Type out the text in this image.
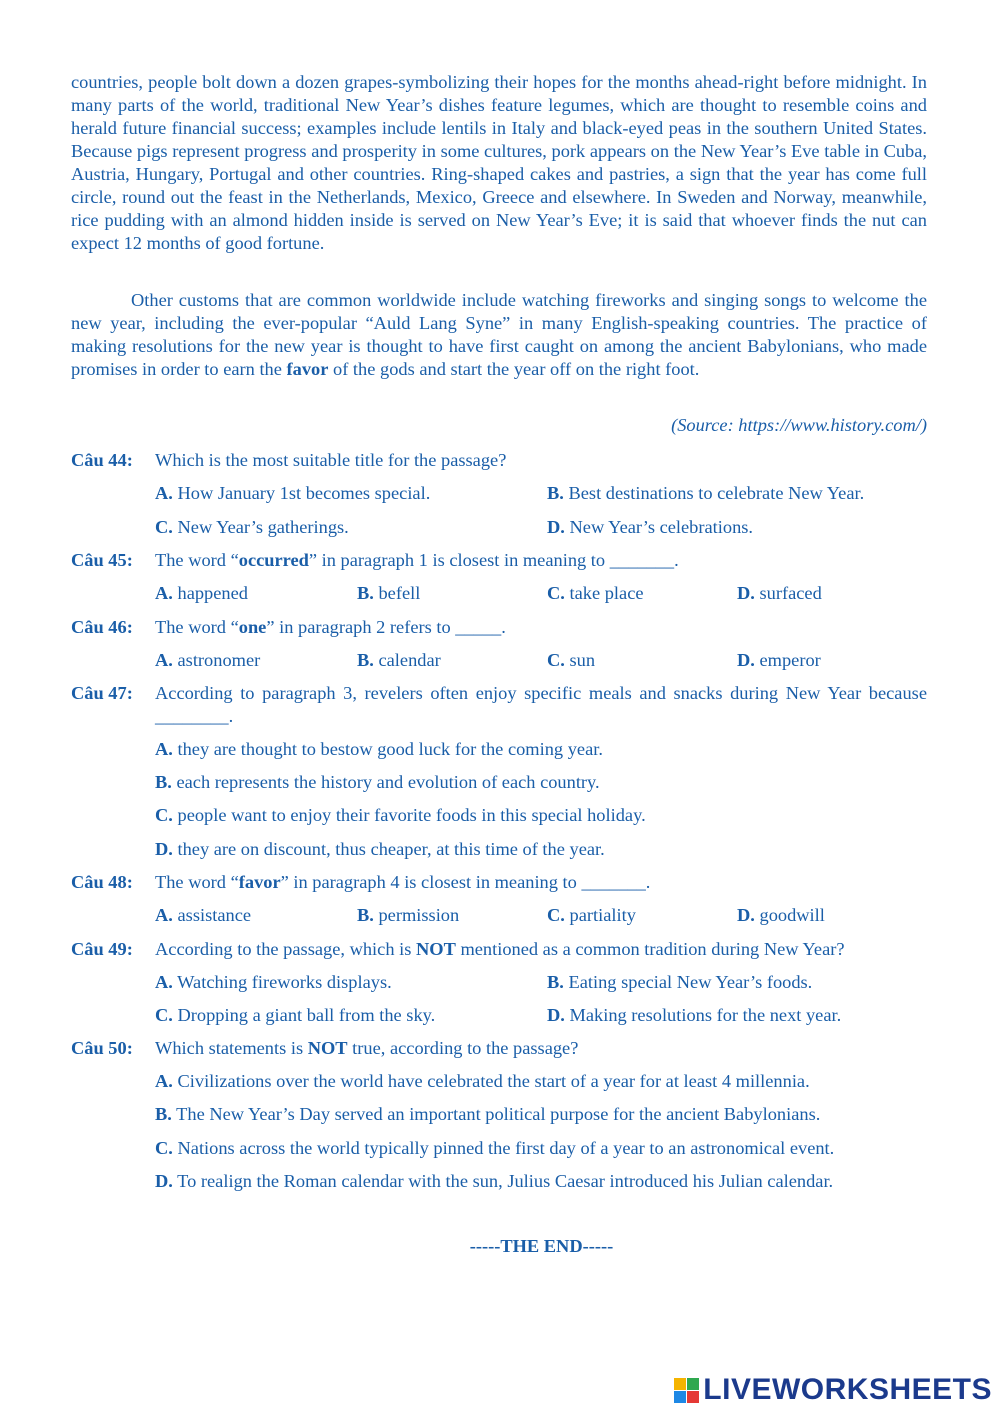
countries, people bolt down a dozen grapes-symbolizing their hopes for the months ahead-right before midnight. In many parts of the world, traditional New Year’s dishes feature legumes, which are thought to resemble coins and herald future financial success; examples include lentils in Italy and black-eyed peas in the southern United States. Because pigs represent progress and prosperity in some cultures, pork appears on the New Year’s Eve table in Cuba, Austria, Hungary, Portugal and other countries. Ring-shaped cakes and pastries, a sign that the year has come full circle, round out the feast in the Netherlands, Mexico, Greece and elsewhere. In Sweden and Norway, meanwhile, rice pudding with an almond hidden inside is served on New Year’s Eve; it is said that whoever finds the nut can expect 12 months of good fortune.

Other customs that are common worldwide include watching fireworks and singing songs to welcome the new year, including the ever-popular “Auld Lang Syne” in many English-speaking countries. The practice of making resolutions for the new year is thought to have first caught on among the ancient Babylonians, who made promises in order to earn the favor of the gods and start the year off on the right foot.

(Source: https://www.history.com/)
Câu 44: Which is the most suitable title for the passage?
A. How January 1st becomes special.	B. Best destinations to celebrate New Year.
C. New Year’s gatherings.	D. New Year’s celebrations.
Câu 45: The word “occurred” in paragraph 1 is closest in meaning to _______.
A. happened	B. befell	C. take place	D. surfaced
Câu 46: The word “one” in paragraph 2 refers to _____.
A. astronomer	B. calendar	C. sun	D. emperor
Câu 47: According to paragraph 3, revelers often enjoy specific meals and snacks during New Year because ________.
A. they are thought to bestow good luck for the coming year.
B. each represents the history and evolution of each country.
C. people want to enjoy their favorite foods in this special holiday.
D. they are on discount, thus cheaper, at this time of the year.
Câu 48: The word “favor” in paragraph 4 is closest in meaning to _______.
A. assistance	B. permission	C. partiality	D. goodwill
Câu 49: According to the passage, which is NOT mentioned as a common tradition during New Year?
A. Watching fireworks displays.	B. Eating special New Year’s foods.
C. Dropping a giant ball from the sky.	D. Making resolutions for the next year.
Câu 50: Which statements is NOT true, according to the passage?
A. Civilizations over the world have celebrated the start of a year for at least 4 millennia.
B. The New Year’s Day served an important political purpose for the ancient Babylonians.
C. Nations across the world typically pinned the first day of a year to an astronomical event.
D. To realign the Roman calendar with the sun, Julius Caesar introduced his Julian calendar.
-----THE END-----
LIVEWORKSHEETS
